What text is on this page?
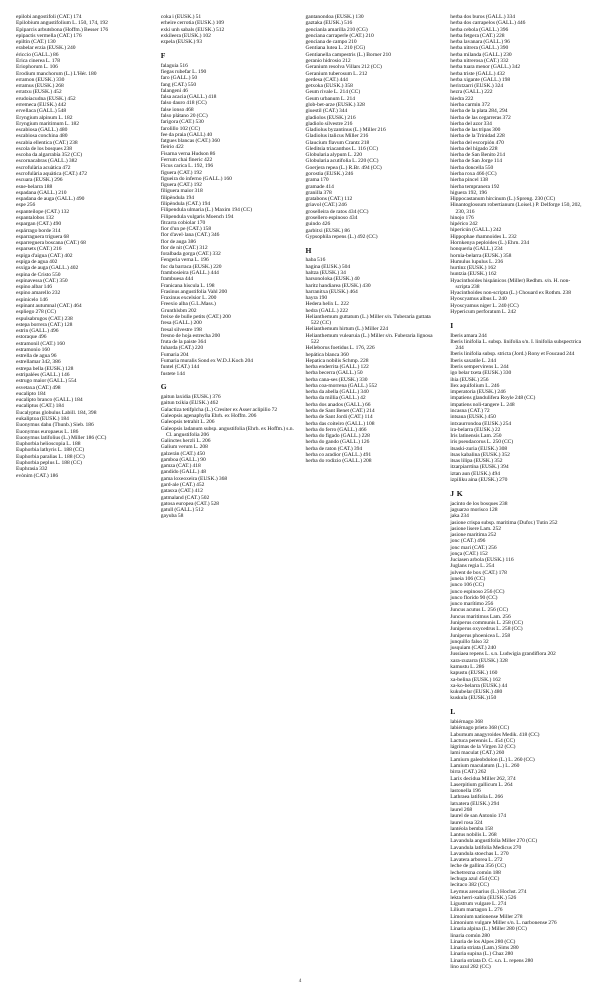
epilobi angostifoli (CAT.) 174
Epilobium angustifolium L. 150, 174, 192
Epiparcis arbutsbona (Hoffm.) Besser 176
epipactis vermella (CAT.) 176
epiltin (CAT.) 130
erabelar erzia (EUSK.) 240
ériccio (GALL.) 86
Erica cinerea L. 178
Eriophorum L. 106
Erodium manchorum (L.) L'Hér. 180
erramon (EUSK.) 330
erramus (EUSK.) 268
erratxu (EUSK.) 452
erudoiacudna (EUSK.) 452
erremeca (EUSK.) 442
ervellaca (GALL.) 548
Eryngium alpinum L. 182
Eryngium maritimum L. 182
escabiosa (GALL.) 480
escabiosa conchina 480
escabia ellentica (CAT.) 238
escola de los bosques 238
escoba da algarrabía 352 (CC)
escornacabras (GALL.) 382
escrofulària acuàtica 472
escrofulària aquàtica (CAT.) 472
escuara (EUSK.) 296
esne-belarra 188
espadana (GALL.) 210
espadana de auga (GALL.) 490
espe 256
espanteilope (CAT.) 132
espantalobos 132
espargan (CAT.) 490
espárrago borde 314
esparraguera triguera 68
esparreguera boscana (CAT.) 68
esparsets (CAT.) 216
espiga d'aigua (CAT.) 402
espiga de agua 402
esxiga de auga (GALL.) 402
espina de Cristo 550
espinavessa (CAT.) 350
espino albar 146
espino amarello 232
espinicelo 146
espinant autumnal (CAT.) 464
espliego 278 (CC)
espulsabrugos (CAT.) 238
estepa borrera (CAT.) 128
estrin (GALL.) 496
estoraque 496
estramonil (CAT.) 160
estramonio 160
estrella de agua 96
estrellamar 342, 386
estrepa bella (EUSK.) 128
estripalées (GALL.) 146
estrugo maior (GALL.) 554
esvetaxa (CAT.) 498
eucalipto 184
eucalipto branco (GALL.) 184
eucaliptus (CAT.) 184
Eucalyptus globulus Labill. 184, 398
eukaliptoa (EUSK.) 184
Euonymus dahu (Thunb.) Sieb. 186
Euonymus europaeus L. 186
Euonymus latifolius (L.) Miller 186 (CC)
Euphorbia helioscopia L. 188
Euphorbia lathyris L. 188 (CC)
Euphorbia paralias L. 188 (CC)
Euphorbia peplus L. 188 (CC)
Euphrasia 332
evònim (CAT.) 186
coka i (EUSK.) 51
erheire cerrotia (EUSK.) 109
exki unh sabals (EUSK.) 512
exkileera (EUSK.) 102
ezpela (EUSK.) 93
F
falaguia 516
fiegas rubefar L. 190
faro (GALL.) 50
fang (CAT.) 550
falangeni 46
falsa acacia (GALL.) 418
falso dauro 418 (CC)
false ionso 468
falso plátano 20 (CC)
farigora (CAT.) 530
farolillo 102 (CC)
fee da praia (GALL) 40
fatgues blancas (CAT.) 360
fieirio 422
Fisarna verna Hudson 86
Ferrum chai fineric 422
Ficus carica L. 192, 196
figuera (CAT.) 192
figueira do inferno (GALL.) 160
figuera (CAT.) 192
filiguera maior 318
filipèndula 194
filipèndula (CAT.) 194
Filipendula ulmaria (L.) Maxim 194 (CC)
Filipendula vulgaris Moench 194
fitcarra cobiolar 170
fior d'un pe (CAT.) 158
flor d'avel·lana (CAT.) 346
flor de auga 386
flor de nit (CAT.) 312
foralbada gorga (CAT.) 332
Fengeria verna L. 196
foc da barraca (EUSK.) 220
frambosieira (GALL.) 444
frambuesa 444
Franicana hiscula L. 198
Frasinus angustifolia Vahl 200
Fraxinus excelsior L. 200
Freexio alba (G.L.Mass.)
Grunthlsbm 202
freixe de bulle petits (CAT.) 200
fresa (GALL.) 200
fresal silvestre 198
fresno de hoja estrecha 200
fruta de la paiste 364
fuharda (CAT.) 220
Fumaria 204
Fumaria muralis Sond ex W.D.J.Koch 204
funtel (CAT.) 144
fustete 144
G
gaitun laxidia (EUSK.) 376
gaitun txikia (EUSK.) 462
Galactiza tetifplcha (L.) Cresiter ex Asser aclipilio 72
Galeopsis agenaphylla Ehrh. ex Hoffm. 206
Galeopsis tetrahit L. 206
Galeopsis ladanum subsp. angustifolia (Ehrh. ex Hoffm.) s.n. Cl. angustifolia 206
Galinctes herzli L. 206
Galium verum L. 208
galzerán (CAT.) 450
gamboa (GALL.) 90
gamza (CAT.) 418
gandido (GALL.) 48
gama loxeoxeira (EUSK.) 368
gard-ale (CAT.) 452
gatasxa (CAT.) 412
gatmaland (CAT.) 502
gatosa europea (CAT.) 528
gatull (GALL.) 512
gayuba 58
gantanondoa (EUSK.) 130
gaztaka (EUSK.) 516
gencianla amarilla 210 (CG)
genciana carraperle (CAT.) 210
genciana de campo 210
Gentiana lutea L. 210 (CG)
Gentianella campestris (L.) Borner 210
geranio hidrosio 212
Geranium resolva Villars 212 (CC)
Geranium tuberosum L. 212
gerdesa (CAT.) 444
getxoka (EUSK.) 358
Geum rivale L. 214 (CC)
Geum urbanum L. 214
glob-bet-arze (EUSK.) 328
giuestil (CAT.) 344
gladiolos (EUSK.) 216
gladiolo silvestre 216
Gladiolus byzantinus (L.) Miller 216
Gladiolus italicus Miller 216
Glaucium flavum Crantz 218
Gleditsia triacanthos L. 116 (CC)
Globularia alypum L. 220
Globularia acutifolia L. 220 (CC)
Goerjera repea (L.) R.Br. 494 (CC)
gorostia (EUSK.) 246
grama 170
gramade 414
granilla 378
gratabons (CAT.) 112
griavol (CAT.) 246
groselleira de ratos 434 (CC)
grosellero espinoso 434
guindo 426
garbitxi (EUSK.) 86
Gypsophila repens (L.) 492 (CC)
H
haba 516
hagina (EUSK.) 504
haltza (EUSK.) 34
harsonoloka (EUSK.) 40
haritz handiarea (EUSK.) 430
harranitxa (EUSK.) 464
hayra 190
Hedera helix L. 222
hedra (GALL.) 222
Helianthemum guttatum (L.) Miller s/n. Tuberaria guttata 522 (CC)
Helianthemum hirtum (L.) Miller 224
Helianthemum vulearuia (L.) Miller s/n. Fuberaria lignosa 522
Helleborus foetidus L. 176, 226
hepática blanca 360
Hepatica nobilis Schmp. 228
herba enderrita (GALL.) 122
herba becerra (GALL.) 50
herba cana-ses (EUSK.) 330
herba coa-morrena (GALL.) 552
herba da abella (GALL.) 340
herba da millia (GALL.) 42
herba dos anados (GALL.) 66
herba de Sant Benet (CAT.) 214
herba de Sant Jordi (CAT.) 114
herba das coiteiro (GALL.) 108
herba do ferro (GALL.) 466
herba do figado (GALL.) 228
herba do gando (GALL.) 126
herba de raton (CAT.) 394
herba co aradior (GALL.) 491
herba do rodizio (GALL.) 208
herba dos buros (GALL.) 334
herba dos carrapelos (GALL.) 446
herba cebola (GALL.) 396
herba fetgera (CAT.) 228
herba lavanara (GALL.) 96
herba nitrera (GALL.) 390
herba milanda (GALL.) 230
herba nitrerosa (CAT.) 332
herba tuara menor (GALL.) 342
herba triste (GALL.) 432
herba xigante (GALL.) 198
herixtzarri (EUSK.) 324
hezra (GALL.) 222
hiedra 222
hierba carmin 372
hierba de la plata 284, 294
hierba de las cegarreras 372
hierba del azor 334
hierba de las tripas 300
hierba de la Trinidad 228
hierba del escorpión 470
hierba del hígado 228
hierba de San Benito 214
hierba de San Jorge 114
hierba doncella 550
hierba roxa 466 (CC)
hierba pincel 138
hierba tempranera 192
higuera 192, 196
Hippocastanum hircinum (L.) Spreng. 230 (CC)
Hinantoglossum robertianum (Loisel.) P. Delforge 150, 202, 230, 316
hinojo 176
hipérico 242
hipericún (GALL.) 242
Hippophae rhamnoides L. 232
Hornkenya peploides (L.) Ehrn. 234
honqueria (GALL.) 234
hornia-belarra (EUSK.) 358
Humulus lupulus L. 236
hurtinz (EUSK.) 162
huntzia (EUSK.) 162
Hyacinthoides hispánicos (Miller) Redhm. s/n. H. non-scripta 238
Hyacinthoides non-scripta (L.) Chouard ex Rothm. 238
Hyoscyamus albus L. 240
Hyoscyamus niger L. 240 (CC)
Hypericum perforatum L. 242
I
Iberis amara 244
Iberis linifolia L. subsp. linifolia s/n. I. linifolia subspectrica 244
Iberis linifolia subsp. stricta (Jord.) Rony et Foucaud 244
Iberis saxatile L. 244
Iberis sempervirens L. 244
igo belar txeta (EUSK.) 330
ihia (EUSK.) 256
Ilex aquifolium L. 246
imperatoria (EUSK.) 246
impatiens glandulifera Royle 248 (CC)
impatiens noli-tangere L. 248
incasna (CAT.) 72
intsaua (EUSK.) 450
intxaurrondoa (EUSK.) 254
ira-belarra (EUSK.) 22
Iris latinensis Lam. 250
iris pseudacorus L. 250 (CC)
itsaski-zuria (EUSK.) 308
itsas kabalina (EUSK.) 352
itsas lilipa (EUSK.) 352
itzarpiarrtína (EUSK.) 394
iztan aun (EUSK.) 494
izpiliku aina (EUSK.) 270
J K
jacinto de los bosques 238
jaguarzo morisco 128
jaka 234
jasione crispa subsp. maritima (Dufor.) Tutin 252
jasione lisere Lam. 252
jasione maritima 252
jonc (CAT.) 496
jonc mari (CAT.) 256
jonça (CAT.) 152
Juciasen arbola (EUSK.) 116
Juglans regia L. 254
julvent de box (CAT.) 178
juneia 106 (CC)
junco 106 (CC)
junco espinoso 256 (CC)
junco florido 90 (CC)
junco marítimo 256
Juncus acutus L. 256 (CC)
Juncus maritimus Lam. 256
Juniperus communis L. 258 (CC)
Juniperus oxycedrus L. 258 (CC)
Juniperus phoenicea L. 258
junquillo falso 32
jusquiam (CAT.) 240
Jussiaea repens L. s.n. Ludwigia grandiflora 202
xara-zuzarra (EUSK.) 328
kamustu L. 286
kapustu (EUSK.) 160
xa-belina (EUSK.) 162
xa-ko-belarra (EUSK.) 44
kukubelar (EUSK.) 480
kuskula (EUSK.)150
L
labiérnago 368
labiérnago prieto 368 (CC)
Laburnum anagyroides Medik. 418 (CC)
Lactuca perennis L. 454 (CC)
lágrimas de la Virgen 32 (CC)
lami maculat (CAT.) 260
Lamiurn galeobdolon (L.) L. 260 (CC)
Lamium maculatum (L.) L. 260
birra (CAT.) 262
Larix decidua Miller 262, 374
Laserpitium gallicum L. 264
lastonella 196
Lathraea latifolia L. 266
latxatera (EUSK.) 294
laurel 268
laurel de san Antonio 174
laurel rosa 324
lantéola bemba 158
Lantus nobilis L. 268
Lavandula angustifolia Miller 270 (CC)
Lavandula latifolia Medicus 270
Lavandula stoechas L. 270
Lavatera arborea L. 272
leche de gallina 356 (CC)
lechetrezna común 188
lechuga azul 454 (CC)
lecitaco 382 (CC)
Leymus arenarius (L.) Hochst. 274
lekta herri-xabia (EUSK.) 526
Ligustrum vulgare L. 274
Lilium martagon L. 276
Limonium nationense Miller 278
Limonium vulgare Miller s/n. L. narbonense 276
Linaria alpina (L.) Miller 280 (CC)
linaria común 280
Linaria de los Alpes 280 (CC)
Linaria striata (Lam.) Sims 280
Linaria supina (L.) Chaz 280
Linaria striata D. C. s.n. L. repens 280
lino azul 282 (CC)
4
